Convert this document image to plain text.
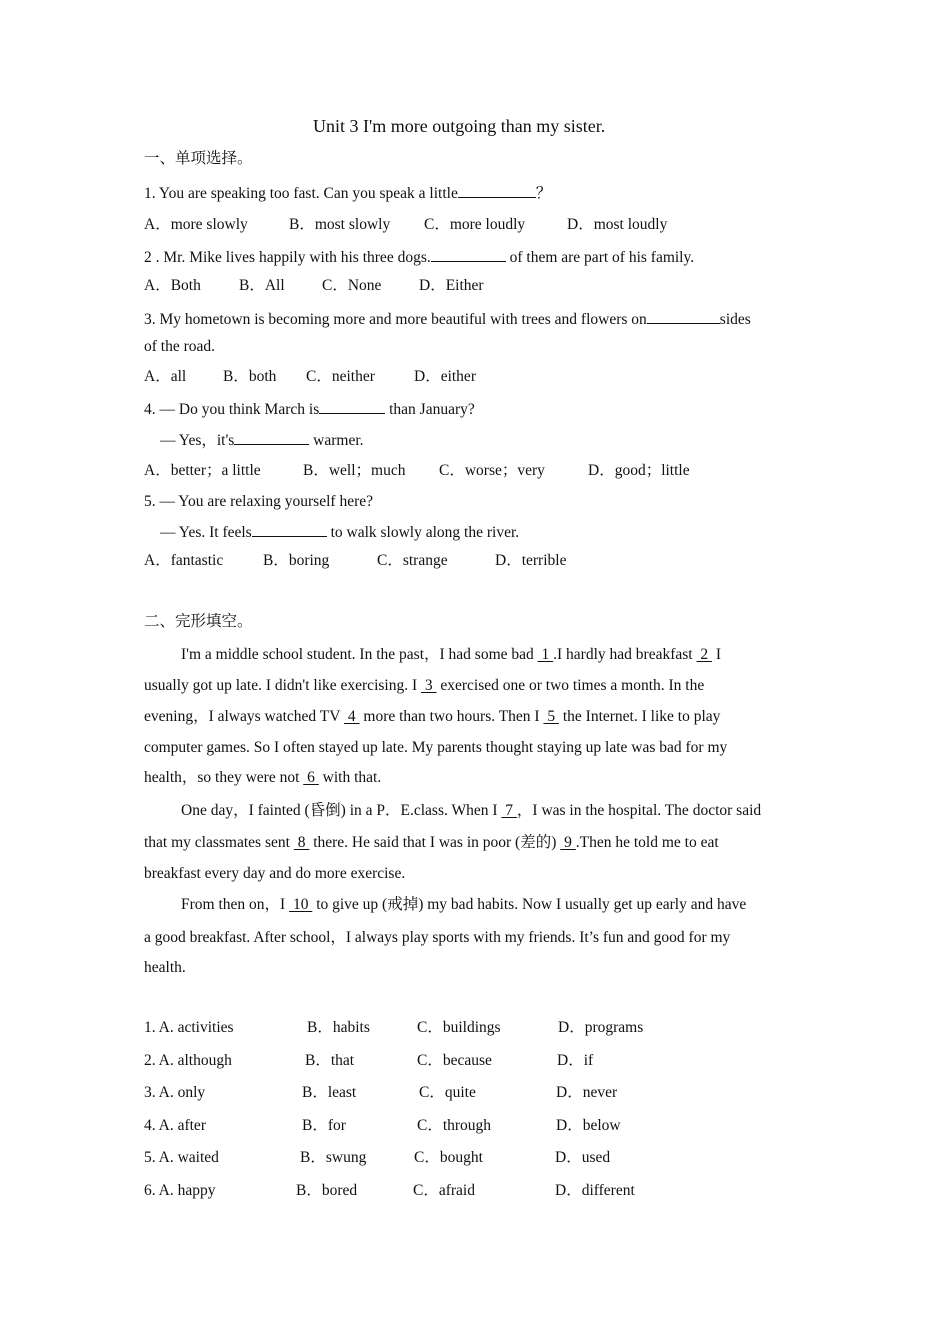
Unit 3 I'm more outgoing than my sister.
一、单项选择。
1. You are speaking too fast. Can you speak a little	？
A．more slowly	B．most slowly C．more loudly	D．most loudly
2 . Mr. Mike lives happily with his three dogs.	of them are part of his family.
A．Both B．All C．None D．Either
3. My hometown is becoming more and more beautiful with trees and flowers on	sides
of the road.
A．all B．both C．neither	D．either
4. — Do you think March is	than January?
— Yes，it's	warmer.
A．better；a little	B．well；much C．worse；very	D．good；little
5. — You are relaxing yourself here?
— Yes. It feels	to walk slowly along the river.
A．fantastic	B．boring	C．strange	D．terrible
二、完形填空。
I'm a middle school student. In the past，I had some bad  1 .I hardly had breakfast  2  I
usually got up late. I didn't like exercising. I  3  exercised one or two times a month. In the
evening，I always watched TV  4  more than two hours. Then I  5  the Internet. I like to play
computer games. So I often stayed up late. My parents thought staying up late was bad for my
health，so they were not  6  with that.
One day，I fainted (昏倒) in a P．E.class. When I  7 ，I was in the hospital. The doctor said
that my classmates sent  8  there. He said that I was in poor (差的)  9 .Then he told me to eat
breakfast every day and do more exercise.
From then on，I  10  to give up (戒掉) my bad habits. Now I usually get up early and have
a good breakfast. After school，I always play sports with my friends. It’s fun and good for my
health.
1. A. activities	B．habits	C．buildings	D．programs
2. A. although	B．that	C．because	D．if
3. A. only	B．least	C．quite	D．never
4. A. after	B．for	C．through	D．below
5. A. waited	B．swung	C．bought	D．used
6. A. happy	B．bored	C．afraid	D．different
